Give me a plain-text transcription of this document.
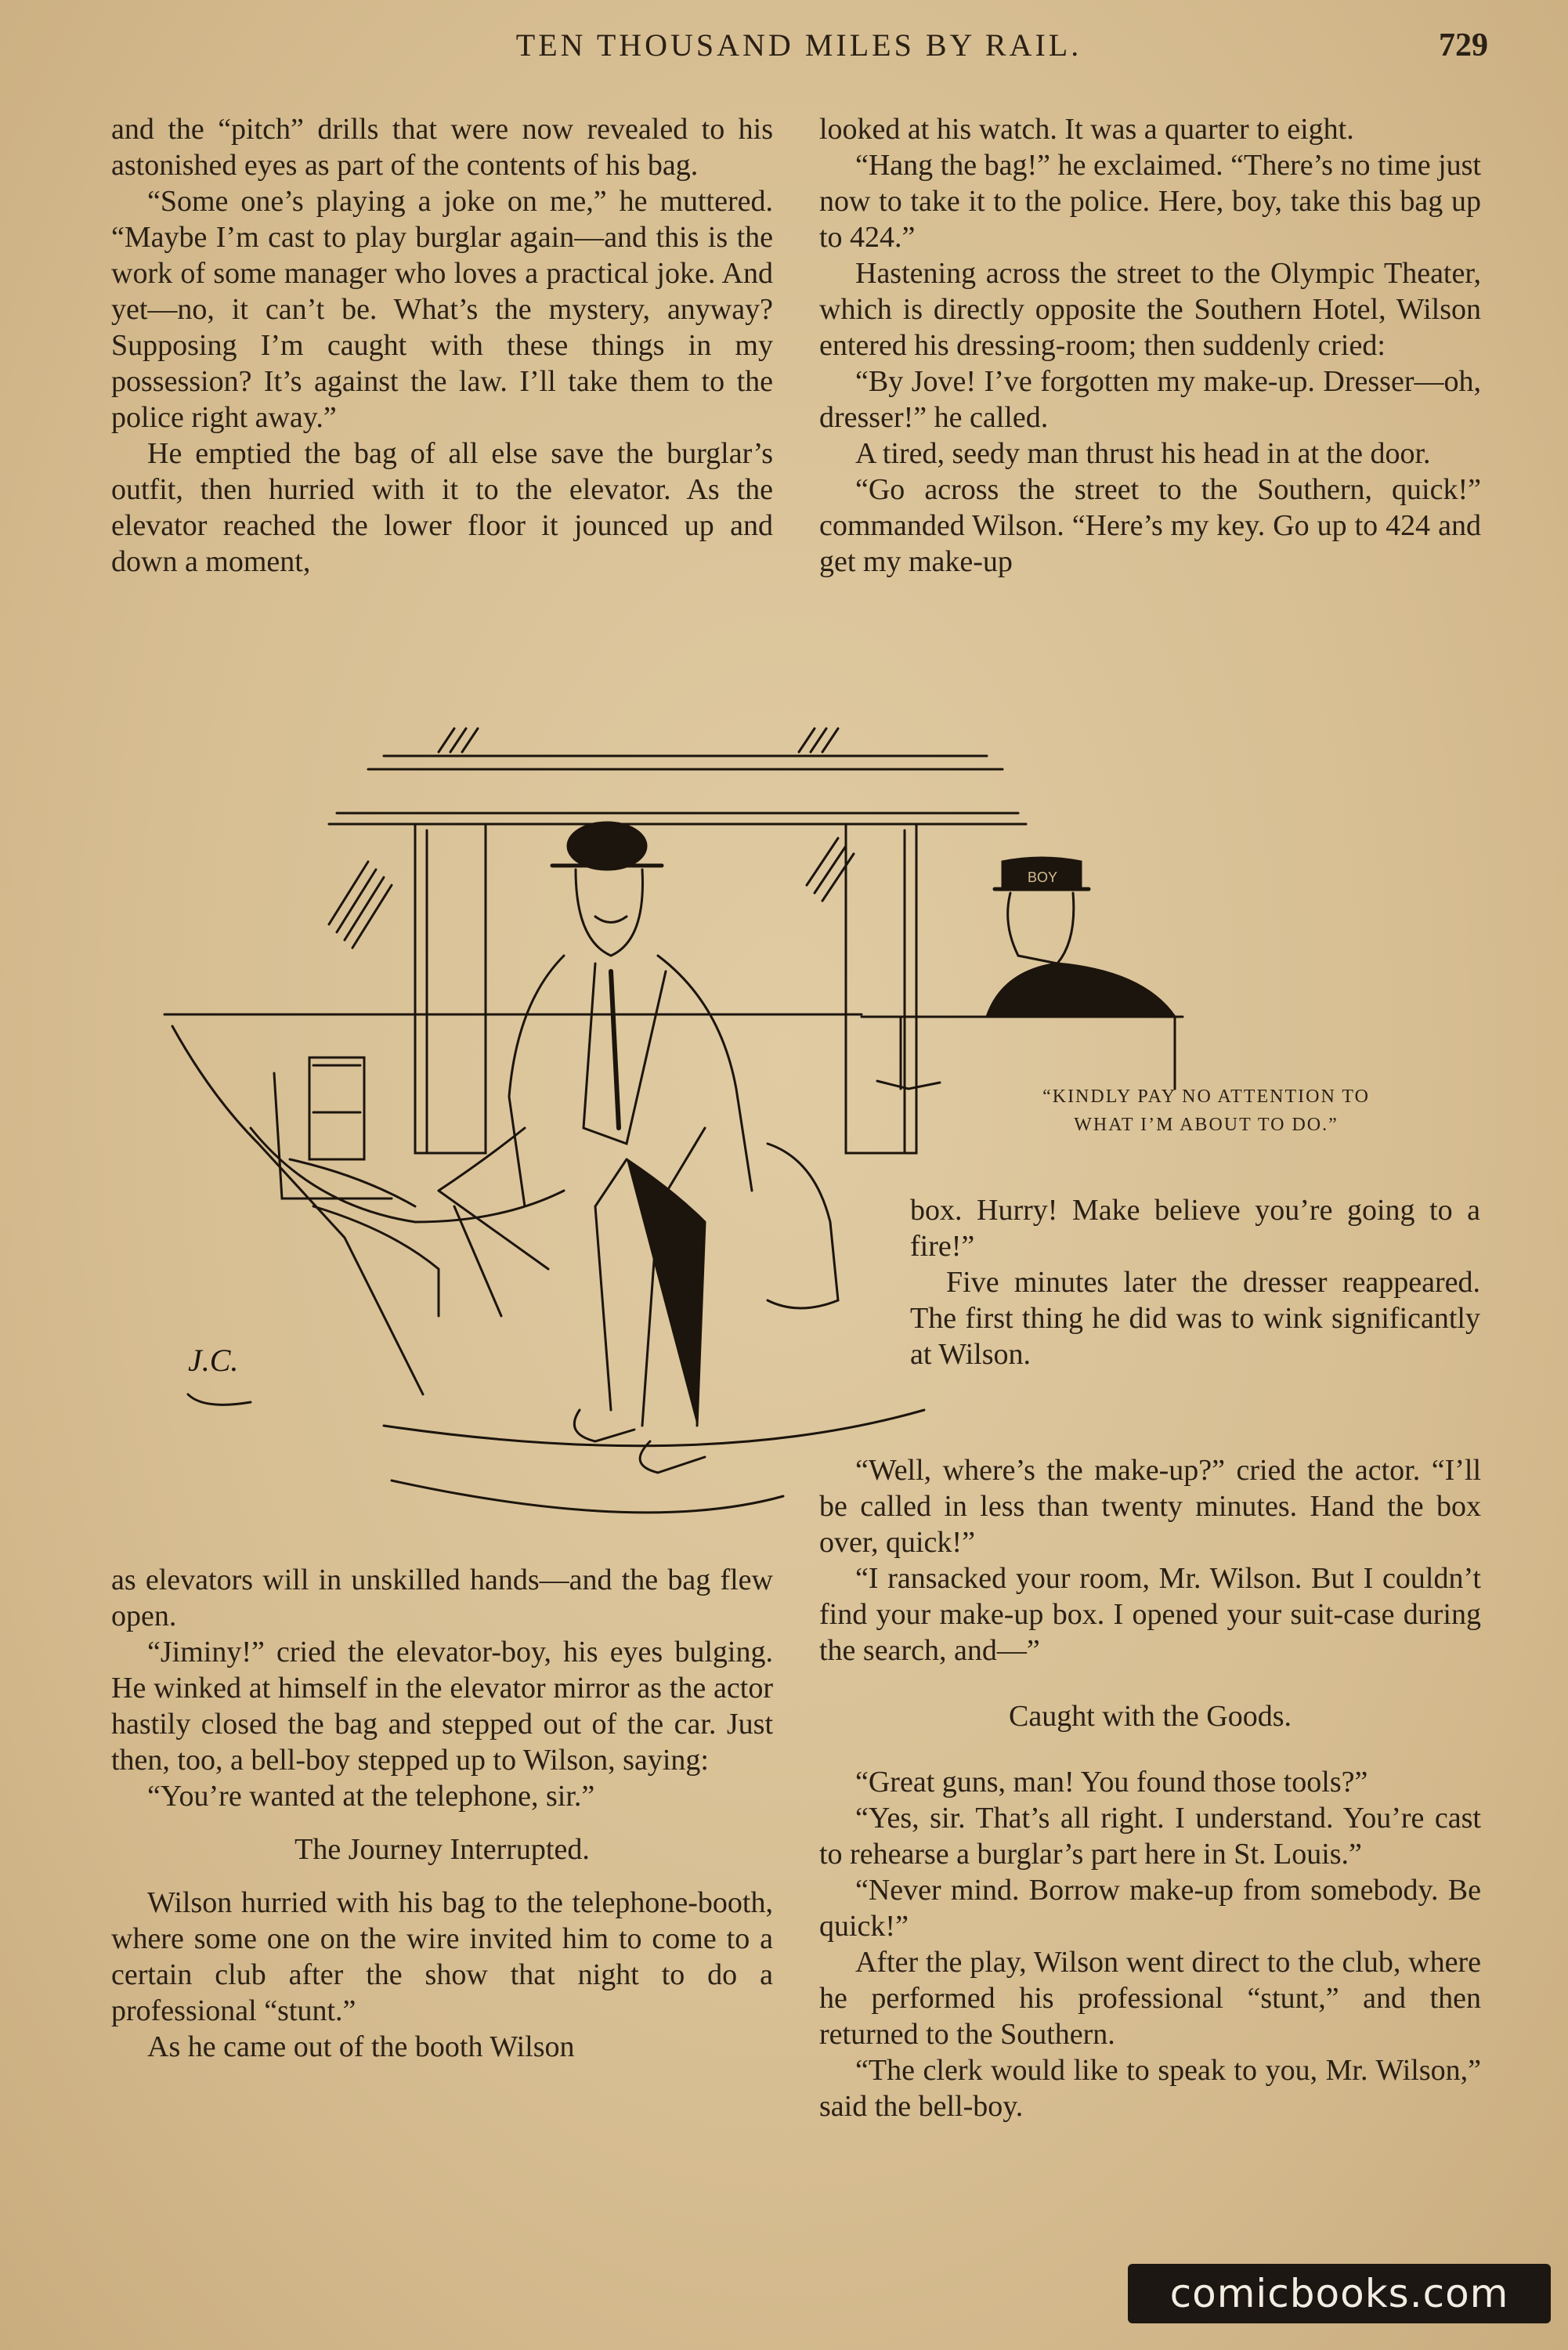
TEN THOUSAND MILES BY RAIL.	729

and the “pitch” drills that were now revealed to his astonished eyes as part of the contents of his bag.

“Some one’s playing a joke on me,” he muttered. “Maybe I’m cast to play burglar again—and this is the work of some manager who loves a practical joke. And yet—no, it can’t be. What’s the mystery, anyway? Supposing I’m caught with these things in my possession? It’s against the law. I’ll take them to the police right away.”

He emptied the bag of all else save the burglar’s outfit, then hurried with it to the elevator. As the elevator reached the lower floor it jounced up and down a moment,

looked at his watch. It was a quarter to eight.

“Hang the bag!” he exclaimed. “There’s no time just now to take it to the police. Here, boy, take this bag up to 424.”

Hastening across the street to the Olympic Theater, which is directly opposite the Southern Hotel, Wilson entered his dressing-room; then suddenly cried:

“By Jove! I’ve forgotten my make-up. Dresser—oh, dresser!” he called.

A tired, seedy man thrust his head in at the door.

“Go across the street to the Southern, quick!” commanded Wilson. “Here’s my key. Go up to 424 and get my make-up

BOY
J.C.
“KINDLY PAY NO ATTENTION TO
WHAT I’M ABOUT TO DO.”

box. Hurry! Make believe you’re going to a fire!”

Five minutes later the dresser reappeared. The first thing he did was to wink significantly at Wilson.

as elevators will in unskilled hands—and the bag flew open.

“Jiminy!” cried the elevator-boy, his eyes bulging. He winked at himself in the elevator mirror as the actor hastily closed the bag and stepped out of the car. Just then, too, a bell-boy stepped up to Wilson, saying:

“You’re wanted at the telephone, sir.”

The Journey Interrupted.

Wilson hurried with his bag to the telephone-booth, where some one on the wire invited him to come to a certain club after the show that night to do a professional “stunt.”

As he came out of the booth Wilson

“Well, where’s the make-up?” cried the actor. “I’ll be called in less than twenty minutes. Hand the box over, quick!”

“I ransacked your room, Mr. Wilson. But I couldn’t find your make-up box. I opened your suit-case during the search, and—”

Caught with the Goods.

“Great guns, man! You found those tools?”

“Yes, sir. That’s all right. I understand. You’re cast to rehearse a burglar’s part here in St. Louis.”

“Never mind. Borrow make-up from somebody. Be quick!”

After the play, Wilson went direct to the club, where he performed his professional “stunt,” and then returned to the Southern.

“The clerk would like to speak to you, Mr. Wilson,” said the bell-boy.

comicbooks.com
